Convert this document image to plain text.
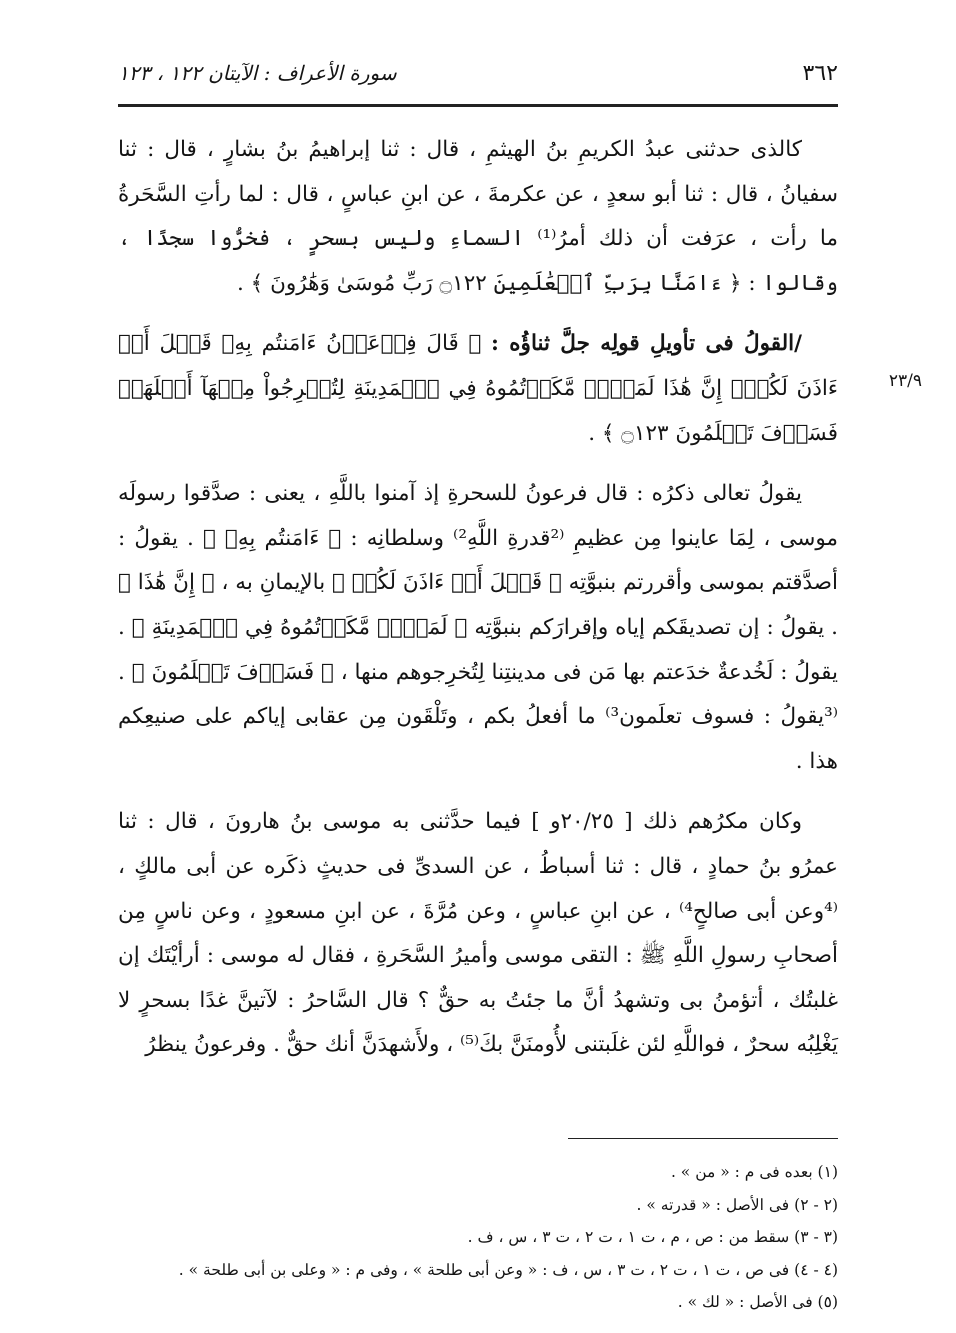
٣٦٢
سورة الأعراف : الآيتان ١٢٢ ، ١٢٣
٢٣/٩

كالذى حدثنى عبدُ الكريمِ بنُ الهيثمِ ، قال : ثنا إبراهيمُ بنُ بشارٍ ، قال : ثنا سفيانُ ، قال : ثنا أبو سعدٍ ، عن عكرمةَ ، عن ابنِ عباسٍ ، قال : لما رأتِ السَّحَرةُ ما رأت ، عرَفت أن ذلك أمرُ⁽¹⁾ السماءِ وليس بسحرٍ ، فخرُّوا سجدًا ، وقالوا : ﴿ ءَامَنَّا بِرَبِّ ٱلۡعَٰلَمِينَ ۝١٢٢ رَبِّ مُوسَىٰ وَهَٰرُونَ ﴾ .

/القولُ فى تأويلِ قولِه جلَّ ثناؤُه : ﴿ قَالَ فِرۡعَوۡنُ ءَامَنتُم بِهِۦ قَبۡلَ أَنۡ ءَاذَنَ لَكُمۡۖ إِنَّ هَٰذَا لَمَكۡرٞ مَّكَرۡتُمُوهُ فِي ٱلۡمَدِينَةِ لِتُخۡرِجُواْ مِنۡهَآ أَهۡلَهَاۖ فَسَوۡفَ تَعۡلَمُونَ ۝١٢٣ ﴾ .

يقولُ تعالى ذكرُه : قال فرعونُ للسحرةِ إذ آمنوا باللَّهِ ، يعنى : صدَّقوا رسولَه موسى ، لِمَا عاينوا مِن عظيمِ ⁽²قدرةِ اللَّهِ²⁾ وسلطانِه : ﴿ ءَامَنتُم بِهِۦ ﴾ . يقولُ : أصدَّقتم بموسى وأقررتم بنبوَّتِه ﴿ قَبۡلَ أَنۡ ءَاذَنَ لَكُمۡ ﴾ بالإيمانِ به ، ﴿ إِنَّ هَٰذَا ﴾ . يقولُ : إن تصديقَكم إياه وإقرارَكم بنبوَّتِه ﴿ لَمَكۡرٞ مَّكَرۡتُمُوهُ فِي ٱلۡمَدِينَةِ ﴾ . يقولُ : لَخُدعةٌ خدَعتم بها مَن فى مدينتِنا لِتُخرِجوهم منها ، ﴿ فَسَوۡفَ تَعۡلَمُونَ ﴾ . ⁽³يقولُ : فسوف تعلَمون³⁾ ما أفعلُ بكم ، وتَلْقَون مِن عقابى إياكم على صنيعِكم هذا .

وكان مكرُهم ذلك [ ٢٠/٢٥و ] فيما حدَّثنى به موسى بنُ هارونَ ، قال : ثنا عمرُو بنُ حمادٍ ، قال : ثنا أسباطُ ، عن السدىِّ فى حديثٍ ذكَره عن أبى مالكٍ ، ⁽⁴وعن أبى صالحٍ⁴⁾ ، عن ابنِ عباسٍ ، وعن مُرَّةَ ، عن ابنِ مسعودٍ ، وعن ناسٍ مِن أصحابِ رسولِ اللَّهِ ﷺ : التقى موسى وأميرُ السَّحَرةِ ، فقال له موسى : أرأيْتَك إن غلبتُك ، أتؤمنُ بى وتشهدُ أنَّ ما جئتُ به حقٌّ ؟ قال السَّاحرُ : لآتينَّ غدًا بسحرٍ لا يَغْلِبُه سحرٌ ، فواللَّهِ لئن غلَبتنى لأُومنَنَّ بكَ⁽⁵⁾ ، ولأَشهدَنَّ أنك حقٌّ . وفرعونُ ينظرُ

(١) بعده فى م : « من » .

(٢ - ٢) فى الأصل : « قدرته » .

(٣ - ٣) سقط من : ص ، م ، ت ١ ، ت ٢ ، ت ٣ ، س ، ف .

(٤ - ٤) فى ص ، ت ١ ، ت ٢ ، ت ٣ ، س ، ف : « وعن أبى طلحة » ، وفى م : « وعلى بن أبى طلحة » .

(٥) فى الأصل : « لك » .
